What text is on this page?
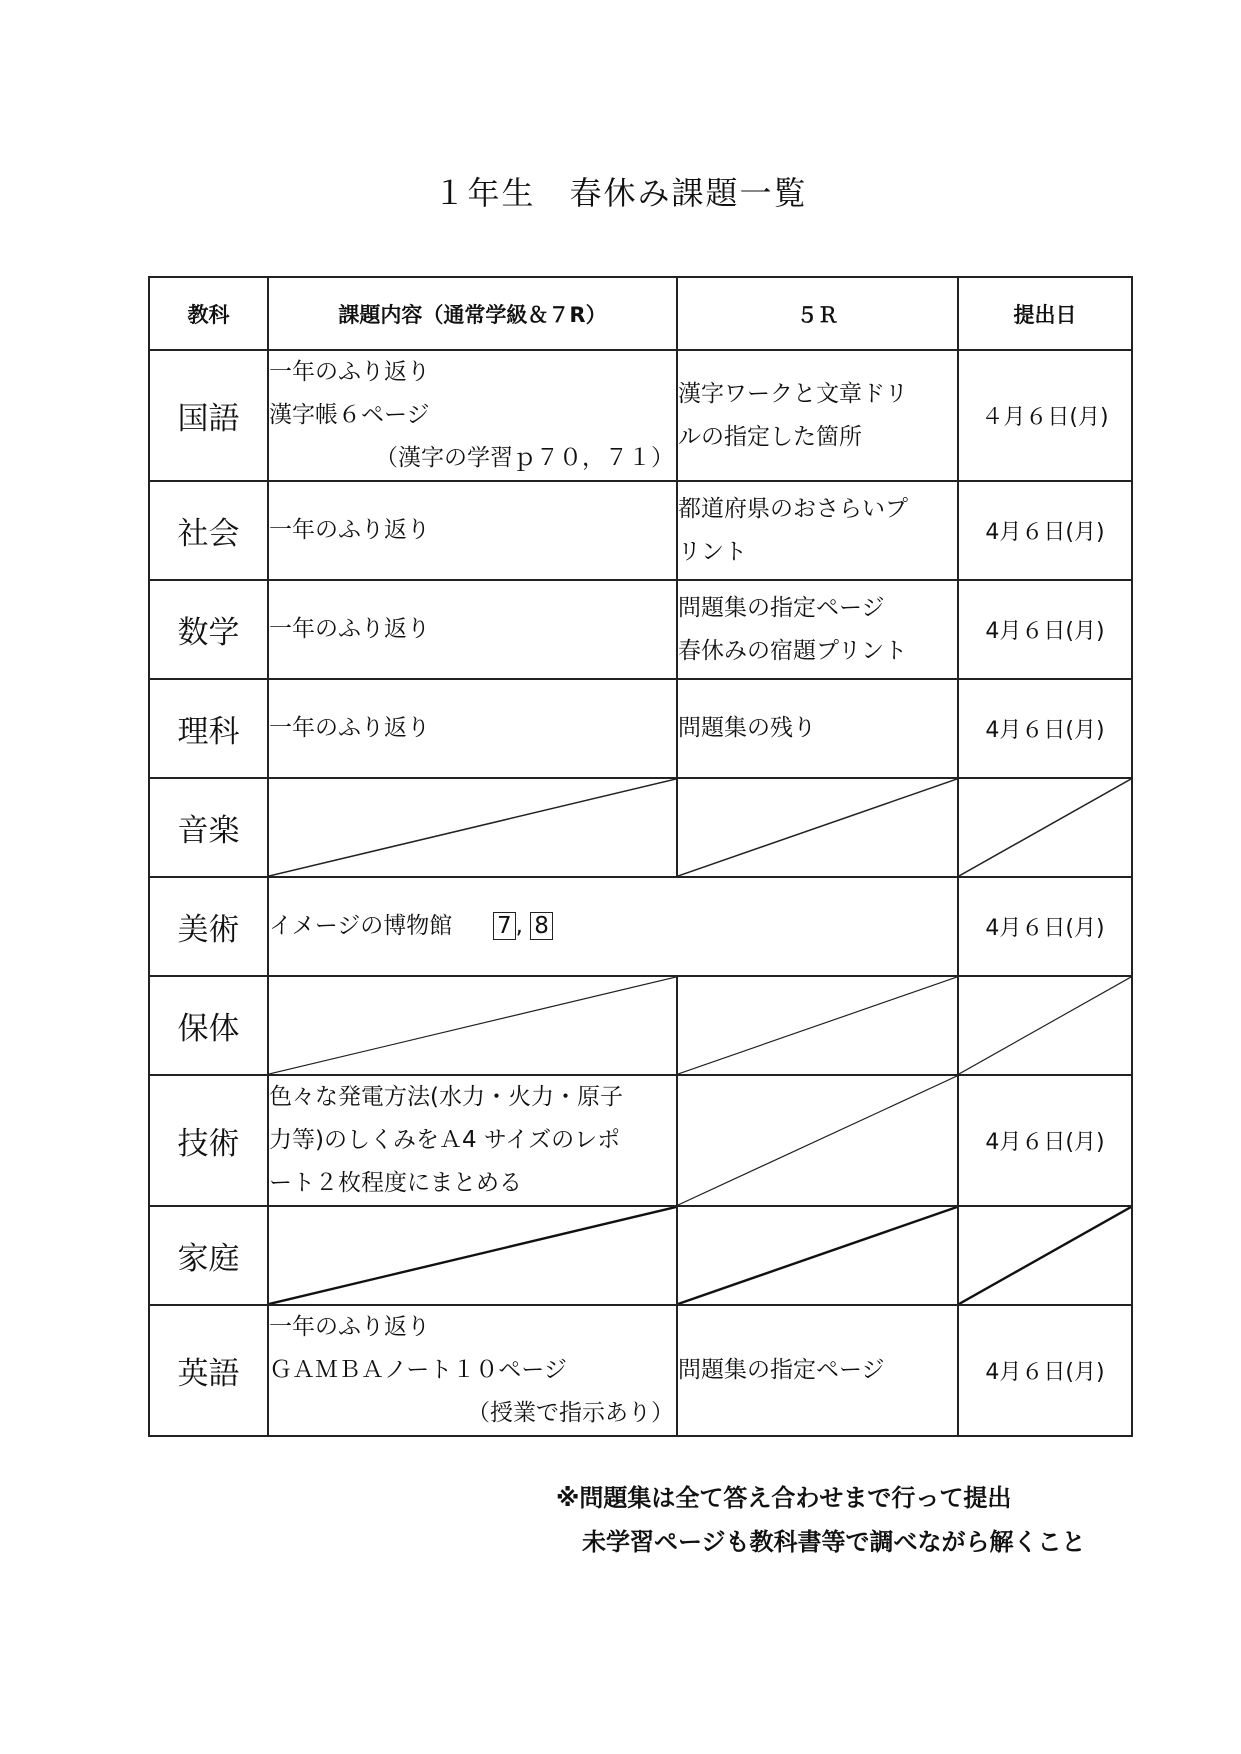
１年生　春休み課題一覧
教科	課題内容（通常学級＆７R）	５Ｒ	提出日
国語	一年のふり返り
漢字帳６ページ
（漢字の学習ｐ７０，７１）	漢字ワークと文章ドリ
ルの指定した箇所	４月６日(月)
社会	一年のふり返り	都道府県のおさらいプ
リント	4月６日(月)
数学	一年のふり返り	問題集の指定ページ
春休みの宿題プリント	4月６日(月)
理科	一年のふり返り	問題集の残り	4月６日(月)
音楽	

美術	イメージの博物館 7 , 8		4月６日(月)
保体	

技術	色々な発電方法(水力・火力・原子
力等)のしくみをＡ4 サイズのレポ
ート２枚程度にまとめる		4月６日(月)
家庭	

英語	一年のふり返り
ＧＡＭＢＡノート１０ページ
（授業で指示あり）	問題集の指定ページ	4月６日(月)
※問題集は全て答え合わせまで行って提出
未学習ページも教科書等で調べながら解くこと
